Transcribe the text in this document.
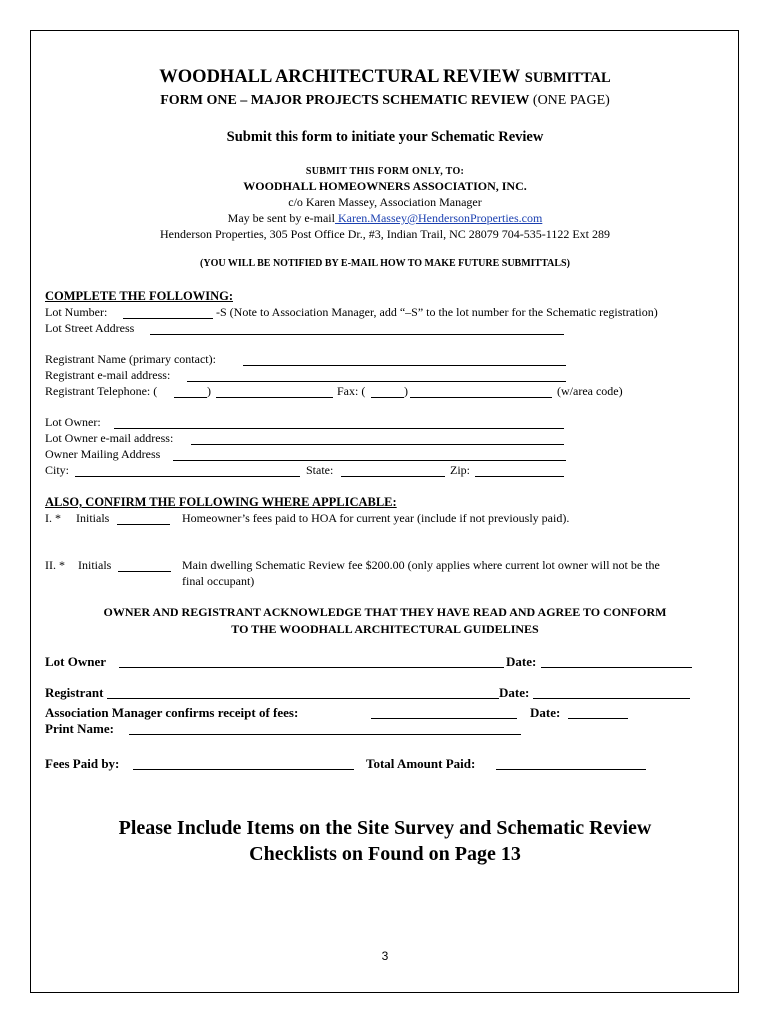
WOODHALL ARCHITECTURAL REVIEW SUBMITTAL
FORM ONE – MAJOR PROJECTS SCHEMATIC REVIEW (ONE PAGE)
Submit this form to initiate your Schematic Review
SUBMIT THIS FORM ONLY, TO:
WOODHALL HOMEOWNERS ASSOCIATION, INC.
c/o Karen Massey, Association Manager
May be sent by e-mail Karen.Massey@HendersonProperties.com
Henderson Properties, 305 Post Office Dr., #3, Indian Trail, NC 28079 704-535-1122 Ext 289
(YOU WILL BE NOTIFIED BY E-MAIL HOW TO MAKE FUTURE SUBMITTALS)
COMPLETE THE FOLLOWING:
Lot Number:	-S (Note to Association Manager, add “–S” to the lot number for the Schematic registration)
Lot Street Address
Registrant Name (primary contact):
Registrant e-mail address:
Registrant Telephone: (	)	Fax: (	)	(w/area code)
Lot Owner:
Lot Owner e-mail address:
Owner Mailing Address
City:	State:	Zip:
ALSO, CONFIRM THE FOLLOWING WHERE APPLICABLE:
I. * Initials	Homeowner’s fees paid to HOA for current year (include if not previously paid).
II. * Initials	Main dwelling Schematic Review fee $200.00 (only applies where current lot owner will not be the
final occupant)
OWNER AND REGISTRANT ACKNOWLEDGE THAT THEY HAVE READ AND AGREE TO CONFORM
TO THE WOODHALL ARCHITECTURAL GUIDELINES
Lot Owner	Date:
Registrant	Date:
Association Manager confirms receipt of fees:	Date:
Print Name:
Fees Paid by:	Total Amount Paid:
Please Include Items on the Site Survey and Schematic Review
Checklists on Found on Page 13
3
